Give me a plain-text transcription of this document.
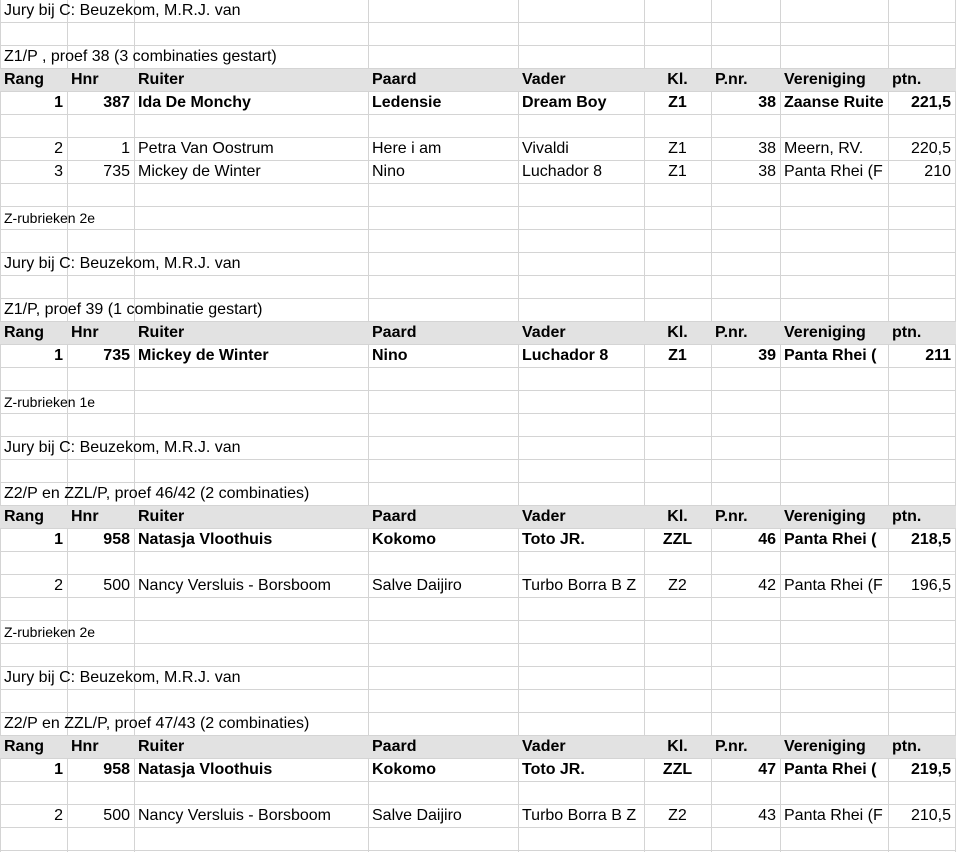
Jury bij C: Beuzekom, M.R.J. van
Z1/P , proef 38 (3 combinaties gestart)
Rang	Hnr	Ruiter	Paard	Vader	Kl.	P.nr.	Vereniging	ptn.
1	387 Ida De Monchy	Ledensie	Dream Boy	Z1	38 Zaanse Ruite	221,5
2	1 Petra Van Oostrum	Here i am	Vivaldi	Z1	38 Meern, RV.	220,5
3	735 Mickey de Winter	Nino	Luchador 8	Z1	38 Panta Rhei (F	210
Z-rubrieken 2e
Jury bij C: Beuzekom, M.R.J. van
Z1/P, proef 39 (1 combinatie gestart)
Rang	Hnr	Ruiter	Paard	Vader	Kl.	P.nr.	Vereniging	ptn.
1	735 Mickey de Winter	Nino	Luchador 8	Z1	39 Panta Rhei (	211
Z-rubrieken 1e
Jury bij C: Beuzekom, M.R.J. van
Z2/P en ZZL/P, proef 46/42 (2 combinaties)
Rang	Hnr	Ruiter	Paard	Vader	Kl.	P.nr.	Vereniging	ptn.
1	958 Natasja Vloothuis	Kokomo	Toto JR.	ZZL	46 Panta Rhei (	218,5
2	500 Nancy Versluis - Borsboom	Salve Daijiro	Turbo Borra B Z	Z2	42 Panta Rhei (F	196,5
Z-rubrieken 2e
Jury bij C: Beuzekom, M.R.J. van
Z2/P en ZZL/P, proef 47/43 (2 combinaties)
Rang	Hnr	Ruiter	Paard	Vader	Kl.	P.nr.	Vereniging	ptn.
1	958 Natasja Vloothuis	Kokomo	Toto JR.	ZZL	47 Panta Rhei (	219,5
2	500 Nancy Versluis - Borsboom	Salve Daijiro	Turbo Borra B Z	Z2	43 Panta Rhei (F	210,5
